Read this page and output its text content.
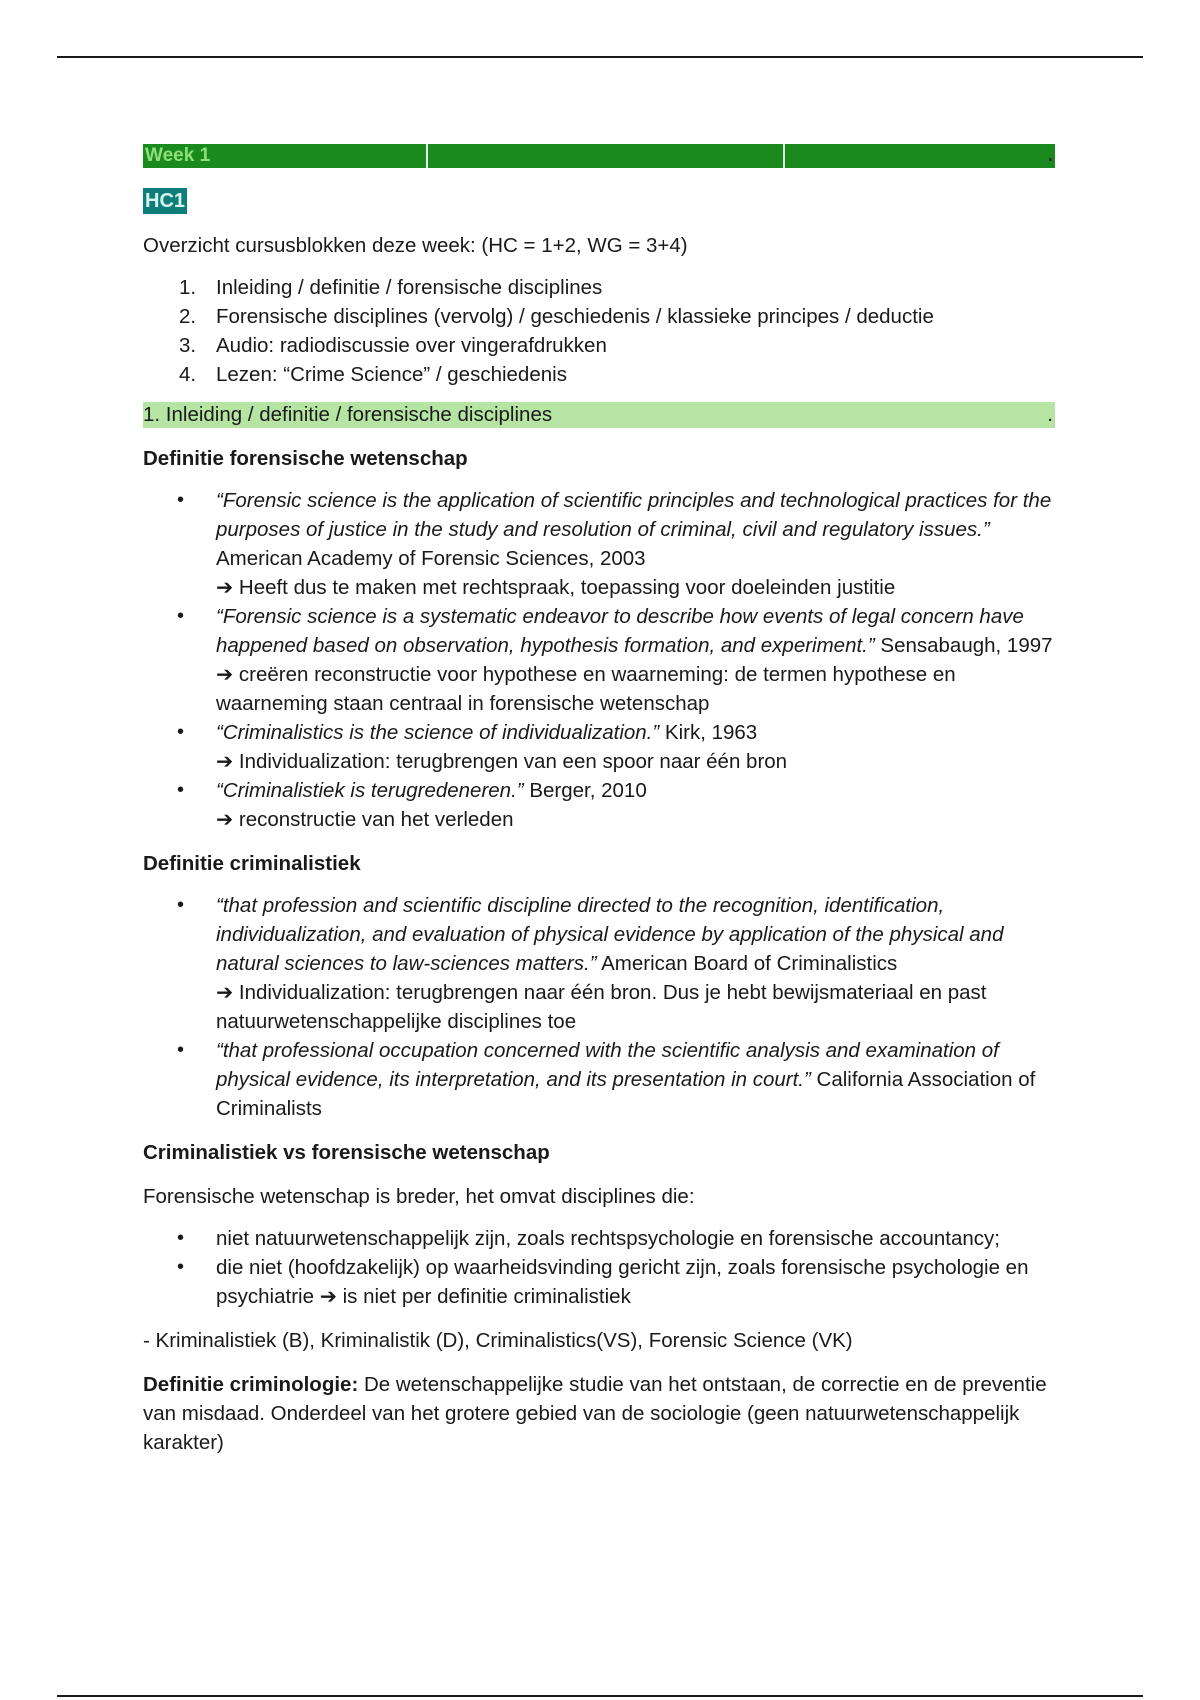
Week 1	.
HC1

Overzicht cursusblokken deze week: (HC = 1+2, WG = 3+4)

1. Inleiding / definitie / forensische disciplines
2. Forensische disciplines (vervolg) / geschiedenis / klassieke principes / deductie
3. Audio: radiodiscussie over vingerafdrukken
4. Lezen: “Crime Science” / geschiedenis
1. Inleiding / definitie / forensische disciplines	.
Definitie forensische wetenschap
• “Forensic science is the application of scientific principles and technological practices for the purposes of justice in the study and resolution of criminal, civil and regulatory issues.” American Academy of Forensic Sciences, 2003
➔ Heeft dus te maken met rechtspraak, toepassing voor doeleinden justitie
• “Forensic science is a systematic endeavor to describe how events of legal concern have happened based on observation, hypothesis formation, and experiment.” Sensabaugh, 1997
➔ creëren reconstructie voor hypothese en waarneming: de termen hypothese en waarneming staan centraal in forensische wetenschap
• “Criminalistics is the science of individualization.” Kirk, 1963
➔ Individualization: terugbrengen van een spoor naar één bron
• “Criminalistiek is terugredeneren.” Berger, 2010
➔ reconstructie van het verleden
Definitie criminalistiek
• “that profession and scientific discipline directed to the recognition, identification, individualization, and evaluation of physical evidence by application of the physical and natural sciences to law-sciences matters.” American Board of Criminalistics
➔ Individualization: terugbrengen naar één bron. Dus je hebt bewijsmateriaal en past natuurwetenschappelijke disciplines toe
• “that professional occupation concerned with the scientific analysis and examination of physical evidence, its interpretation, and its presentation in court.” California Association of Criminalists
Criminalistiek vs forensische wetenschap

Forensische wetenschap is breder, het omvat disciplines die:

• niet natuurwetenschappelijk zijn, zoals rechtspsychologie en forensische accountancy;
• die niet (hoofdzakelijk) op waarheidsvinding gericht zijn, zoals forensische psychologie en psychiatrie ➔ is niet per definitie criminalistiek

- Kriminalistiek (B), Kriminalistik (D), Criminalistics(VS), Forensic Science (VK)

Definitie criminologie: De wetenschappelijke studie van het ontstaan, de correctie en de preventie van misdaad. Onderdeel van het grotere gebied van de sociologie (geen natuurwetenschappelijk karakter)
